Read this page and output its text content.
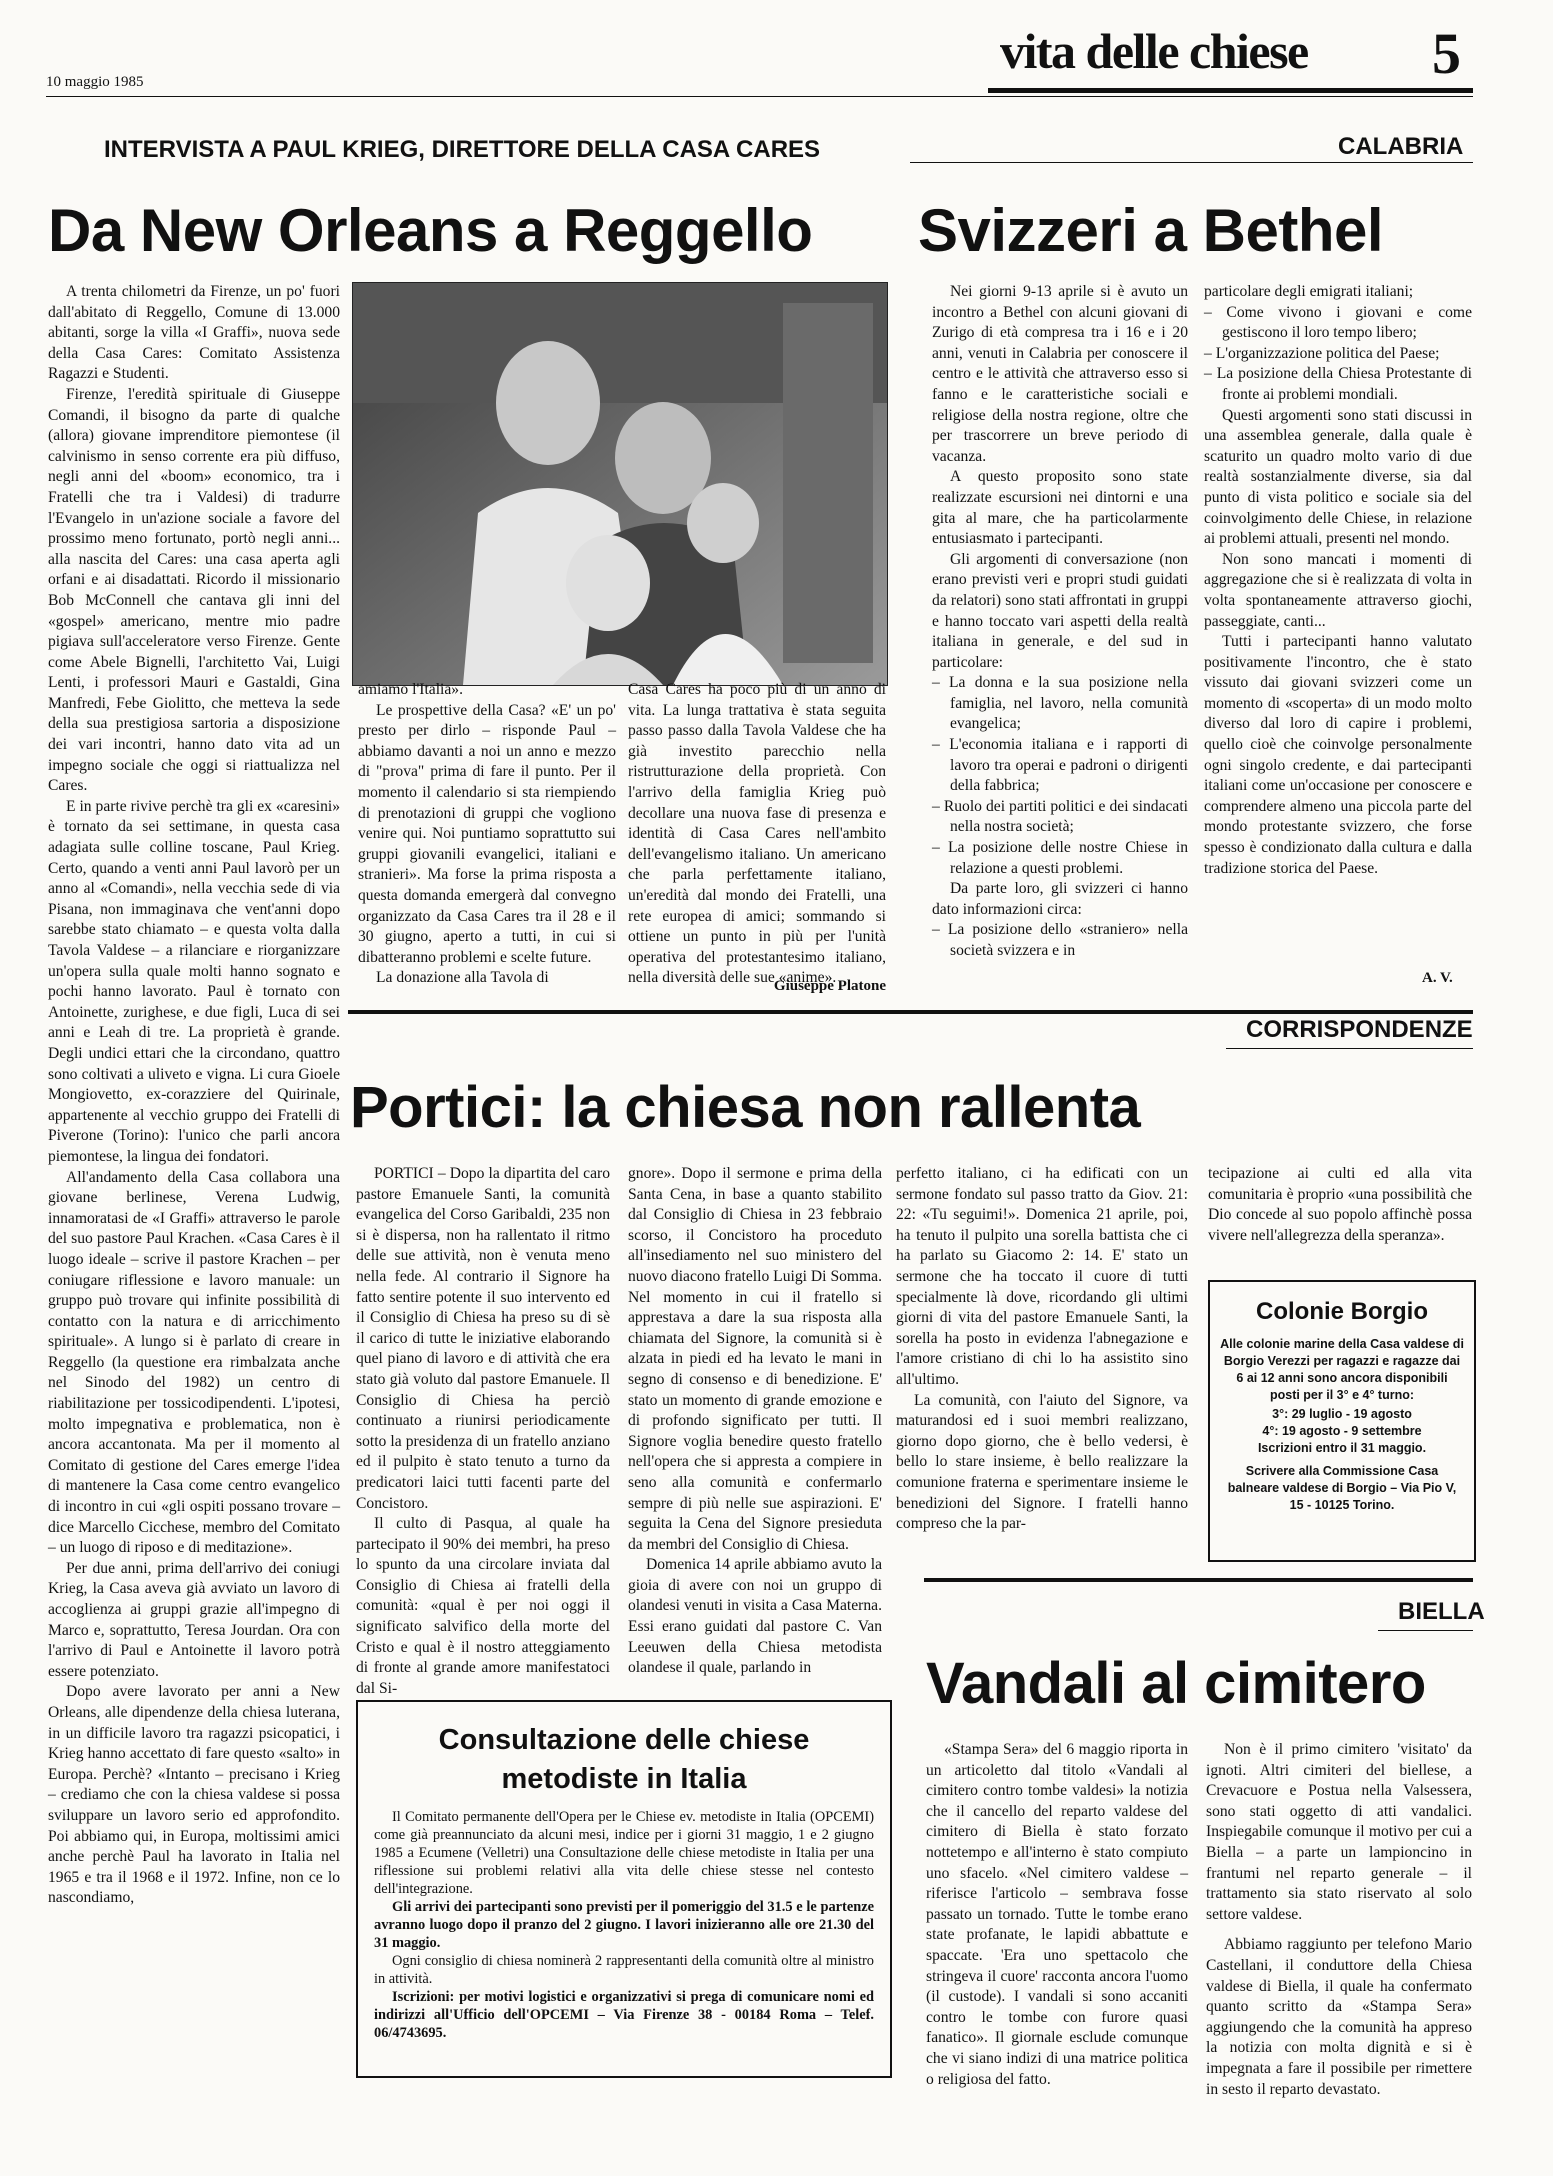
10 maggio 1985
vita delle chiese 5
INTERVISTA A PAUL KRIEG, DIRETTORE DELLA CASA CARES
Da New Orleans a Reggello

A trenta chilometri da Firenze, un po' fuori dall'abitato di Reggello, Comune di 13.000 abitanti, sorge la villa «I Graffi», nuova sede della Casa Cares: Comitato Assistenza Ragazzi e Studenti.

Firenze, l'eredità spirituale di Giuseppe Comandi, il bisogno da parte di qualche (allora) giovane imprenditore piemontese (il calvinismo in senso corrente era più diffuso, negli anni del «boom» economico, tra i Fratelli che tra i Valdesi) di tradurre l'Evangelo in un'azione sociale a favore del prossimo meno fortunato, portò negli anni... alla nascita del Cares: una casa aperta agli orfani e ai disadattati. Ricordo il missionario Bob McConnell che cantava gli inni del «gospel» americano, mentre mio padre pigiava sull'acceleratore verso Firenze. Gente come Abele Bignelli, l'architetto Vai, Luigi Lenti, i professori Mauri e Gastaldi, Gina Manfredi, Febe Giolitto, che metteva la sede della sua prestigiosa sartoria a disposizione dei vari incontri, hanno dato vita ad un impegno sociale che oggi si riattualizza nel Cares.

E in parte rivive perchè tra gli ex «caresini» è tornato da sei settimane, in questa casa adagiata sulle colline toscane, Paul Krieg. Certo, quando a venti anni Paul lavorò per un anno al «Comandi», nella vecchia sede di via Pisana, non immaginava che vent'anni dopo sarebbe stato chiamato – e questa volta dalla Tavola Valdese – a rilanciare e riorganizzare un'opera sulla quale molti hanno sognato e pochi hanno lavorato. Paul è tornato con Antoinette, zurighese, e due figli, Luca di sei anni e Leah di tre. La proprietà è grande. Degli undici ettari che la circondano, quattro sono coltivati a uliveto e vigna. Li cura Gioele Mongiovetto, ex-corazziere del Quirinale, appartenente al vecchio gruppo dei Fratelli di Piverone (Torino): l'unico che parli ancora piemontese, la lingua dei fondatori.

All'andamento della Casa collabora una giovane berlinese, Verena Ludwig, innamoratasi de «I Graffi» attraverso le parole del suo pastore Paul Krachen. «Casa Cares è il luogo ideale – scrive il pastore Krachen – per coniugare riflessione e lavoro manuale: un gruppo può trovare qui infinite possibilità di contatto con la natura e di arricchimento spirituale». A lungo si è parlato di creare in Reggello (la questione era rimbalzata anche nel Sinodo del 1982) un centro di riabilitazione per tossicodipendenti. L'ipotesi, molto impegnativa e problematica, non è ancora accantonata. Ma per il momento al Comitato di gestione del Cares emerge l'idea di mantenere la Casa come centro evangelico di incontro in cui «gli ospiti possano trovare – dice Marcello Cicchese, membro del Comitato – un luogo di riposo e di meditazione».

Per due anni, prima dell'arrivo dei coniugi Krieg, la Casa aveva già avviato un lavoro di accoglienza ai gruppi grazie all'impegno di Marco e, soprattutto, Teresa Jourdan. Ora con l'arrivo di Paul e Antoinette il lavoro potrà essere potenziato.

Dopo avere lavorato per anni a New Orleans, alle dipendenze della chiesa luterana, in un difficile lavoro tra ragazzi psicopatici, i Krieg hanno accettato di fare questo «salto» in Europa. Perchè? «Intanto – precisano i Krieg – crediamo che con la chiesa valdese si possa sviluppare un lavoro serio ed approfondito. Poi abbiamo qui, in Europa, moltissimi amici anche perchè Paul ha lavorato in Italia nel 1965 e tra il 1968 e il 1972. Infine, non ce lo nascondiamo,

amiamo l'Italia».

Le prospettive della Casa? «E' un po' presto per dirlo – risponde Paul – abbiamo davanti a noi un anno e mezzo di "prova" prima di fare il punto. Per il momento il calendario si sta riempiendo di prenotazioni di gruppi che vogliono venire qui. Noi puntiamo soprattutto sui gruppi giovanili evangelici, italiani e stranieri». Ma forse la prima risposta a questa domanda emergerà dal convegno organizzato da Casa Cares tra il 28 e il 30 giugno, aperto a tutti, in cui si dibatteranno problemi e scelte future.

La donazione alla Tavola di

Casa Cares ha poco più di un anno di vita. La lunga trattativa è stata seguita passo passo dalla Tavola Valdese che ha già investito parecchio nella ristrutturazione della proprietà. Con l'arrivo della famiglia Krieg può decollare una nuova fase di presenza e identità di Casa Cares nell'ambito dell'evangelismo italiano. Un americano che parla perfettamente italiano, un'eredità dal mondo dei Fratelli, una rete europea di amici; sommando si ottiene un punto in più per l'unità operativa del protestantesimo italiano, nella diversità delle sue «anime».

Giuseppe Platone
CALABRIA
Svizzeri a Bethel

Nei giorni 9-13 aprile si è avuto un incontro a Bethel con alcuni giovani di Zurigo di età compresa tra i 16 e i 20 anni, venuti in Calabria per conoscere il centro e le attività che attraverso esso si fanno e le caratteristiche sociali e religiose della nostra regione, oltre che per trascorrere un breve periodo di vacanza.

A questo proposito sono state realizzate escursioni nei dintorni e una gita al mare, che ha particolarmente entusiasmato i partecipanti.

Gli argomenti di conversazione (non erano previsti veri e propri studi guidati da relatori) sono stati affrontati in gruppi e hanno toccato vari aspetti della realtà italiana in generale, e del sud in particolare:

– La donna e la sua posizione nella famiglia, nel lavoro, nella comunità evangelica;
– L'economia italiana e i rapporti di lavoro tra operai e padroni o dirigenti della fabbrica;
– Ruolo dei partiti politici e dei sindacati nella nostra società;
– La posizione delle nostre Chiese in relazione a questi problemi.

Da parte loro, gli svizzeri ci hanno dato informazioni circa:

– La posizione dello «straniero» nella società svizzera e in
particolare degli emigrati italiani;
– Come vivono i giovani e come gestiscono il loro tempo libero;
– L'organizzazione politica del Paese;
– La posizione della Chiesa Protestante di fronte ai problemi mondiali.

Questi argomenti sono stati discussi in una assemblea generale, dalla quale è scaturito un quadro molto vario di due realtà sostanzialmente diverse, sia dal punto di vista politico e sociale sia del coinvolgimento delle Chiese, in relazione ai problemi attuali, presenti nel mondo.

Non sono mancati i momenti di aggregazione che si è realizzata di volta in volta spontaneamente attraverso giochi, passeggiate, canti...

Tutti i partecipanti hanno valutato positivamente l'incontro, che è stato vissuto dai giovani svizzeri come un momento di «scoperta» di un modo molto diverso dal loro di capire i problemi, quello cioè che coinvolge personalmente ogni singolo credente, e dai partecipanti italiani come un'occasione per conoscere e comprendere almeno una piccola parte del mondo protestante svizzero, che forse spesso è condizionato dalla cultura e dalla tradizione storica del Paese.

A. V.
CORRISPONDENZE
Portici: la chiesa non rallenta

PORTICI – Dopo la dipartita del caro pastore Emanuele Santi, la comunità evangelica del Corso Garibaldi, 235 non si è dispersa, non ha rallentato il ritmo delle sue attività, non è venuta meno nella fede. Al contrario il Signore ha fatto sentire potente il suo intervento ed il Consiglio di Chiesa ha preso su di sè il carico di tutte le iniziative elaborando quel piano di lavoro e di attività che era stato già voluto dal pastore Emanuele. Il Consiglio di Chiesa ha perciò continuato a riunirsi periodicamente sotto la presidenza di un fratello anziano ed il pulpito è stato tenuto a turno da predicatori laici tutti facenti parte del Concistoro.

Il culto di Pasqua, al quale ha partecipato il 90% dei membri, ha preso lo spunto da una circolare inviata dal Consiglio di Chiesa ai fratelli della comunità: «qual è per noi oggi il significato salvifico della morte del Cristo e qual è il nostro atteggiamento di fronte al grande amore manifestatoci dal Si-

gnore». Dopo il sermone e prima della Santa Cena, in base a quanto stabilito dal Consiglio di Chiesa in 23 febbraio scorso, il Concistoro ha proceduto all'insediamento nel suo ministero del nuovo diacono fratello Luigi Di Somma. Nel momento in cui il fratello si apprestava a dare la sua risposta alla chiamata del Signore, la comunità si è alzata in piedi ed ha levato le mani in segno di consenso e di benedizione. E' stato un momento di grande emozione e di profondo significato per tutti. Il Signore voglia benedire questo fratello nell'opera che si appresta a compiere in seno alla comunità e confermarlo sempre di più nelle sue aspirazioni. E' seguita la Cena del Signore presieduta da membri del Consiglio di Chiesa.

Domenica 14 aprile abbiamo avuto la gioia di avere con noi un gruppo di olandesi venuti in visita a Casa Materna. Essi erano guidati dal pastore C. Van Leeuwen della Chiesa metodista olandese il quale, parlando in

perfetto italiano, ci ha edificati con un sermone fondato sul passo tratto da Giov. 21: 22: «Tu seguimi!». Domenica 21 aprile, poi, ha tenuto il pulpito una sorella battista che ci ha parlato su Giacomo 2: 14. E' stato un sermone che ha toccato il cuore di tutti specialmente là dove, ricordando gli ultimi giorni di vita del pastore Emanuele Santi, la sorella ha posto in evidenza l'abnegazione e l'amore cristiano di chi lo ha assistito sino all'ultimo.

La comunità, con l'aiuto del Signore, va maturandosi ed i suoi membri realizzano, giorno dopo giorno, che è bello vedersi, è bello lo stare insieme, è bello realizzare la comunione fraterna e sperimentare insieme le benedizioni del Signore. I fratelli hanno compreso che la par-

tecipazione ai culti ed alla vita comunitaria è proprio «una possibilità che Dio concede al suo popolo affinchè possa vivere nell'allegrezza della speranza».

Colonie Borgio
Alle colonie marine della Casa valdese di Borgio Verezzi per ragazzi e ragazze dai 6 ai 12 anni sono ancora disponibili posti per il 3° e 4° turno:
3°: 29 luglio - 19 agosto
4°: 19 agosto - 9 settembre
Iscrizioni entro il 31 maggio.
Scrivere alla Commissione Casa balneare valdese di Borgio – Via Pio V, 15 - 10125 Torino.
Consultazione delle chiese
metodiste in Italia

Il Comitato permanente dell'Opera per le Chiese ev. metodiste in Italia (OPCEMI) come già preannunciato da alcuni mesi, indice per i giorni 31 maggio, 1 e 2 giugno 1985 a Ecumene (Velletri) una Consultazione delle chiese metodiste in Italia per una riflessione sui problemi relativi alla vita delle chiese stesse nel contesto dell'integrazione.

Gli arrivi dei partecipanti sono previsti per il pomeriggio del 31.5 e le partenze avranno luogo dopo il pranzo del 2 giugno. I lavori inizieranno alle ore 21.30 del 31 maggio.

Ogni consiglio di chiesa nominerà 2 rappresentanti della comunità oltre al ministro in attività.

Iscrizioni: per motivi logistici e organizzativi si prega di comunicare nomi ed indirizzi all'Ufficio dell'OPCEMI – Via Firenze 38 - 00184 Roma – Telef. 06/4743695.

BIELLA
Vandali al cimitero

«Stampa Sera» del 6 maggio riporta in un articoletto dal titolo «Vandali al cimitero contro tombe valdesi» la notizia che il cancello del reparto valdese del cimitero di Biella è stato forzato nottetempo e all'interno è stato compiuto uno sfacelo. «Nel cimitero valdese – riferisce l'articolo – sembrava fosse passato un tornado. Tutte le tombe erano state profanate, le lapidi abbattute e spaccate. 'Era uno spettacolo che stringeva il cuore' racconta ancora l'uomo (il custode). I vandali si sono accaniti contro le tombe con furore quasi fanatico». Il giornale esclude comunque che vi siano indizi di una matrice politica o religiosa del fatto.

Non è il primo cimitero 'visitato' da ignoti. Altri cimiteri del biellese, a Crevacuore e Postua nella Valsessera, sono stati oggetto di atti vandalici. Inspiegabile comunque il motivo per cui a Biella – a parte un lampioncino in frantumi nel reparto generale – il trattamento sia stato riservato al solo settore valdese.

Abbiamo raggiunto per telefono Mario Castellani, il conduttore della Chiesa valdese di Biella, il quale ha confermato quanto scritto da «Stampa Sera» aggiungendo che la comunità ha appreso la notizia con molta dignità e si è impegnata a fare il possibile per rimettere in sesto il reparto devastato.
